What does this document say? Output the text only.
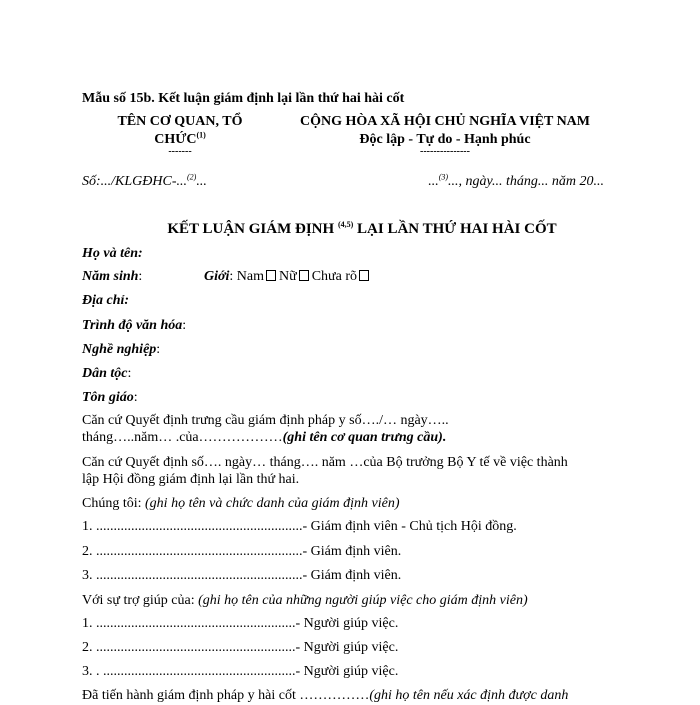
Mẫu số 15b. Kết luận giám định lại lần thứ hai hài cốt
TÊN CƠ QUAN, TỔ
CHỨC$^{(1)}$
-------
CỘNG HÒA XÃ HỘI CHỦ NGHĨA VIỆT NAM
Độc lập - Tự do - Hạnh phúc
---------------
Số:.../KLGĐHC-...$^{(2)}$...	...$^{(3)}$..., ngày... tháng... năm 20...
KẾT LUẬN GIÁM ĐỊNH $^{(4,5)}$ LẠI LẦN THỨ HAI HÀI CỐT
Họ và tên:
Năm sinh:	Giới: Nam Nữ Chưa rõ
Địa chỉ:
Trình độ văn hóa:
Nghề nghiệp:
Dân tộc:
Tôn giáo:
Căn cứ Quyết định trưng cầu giám định pháp y số…./… ngày…..
tháng…..năm… .của………………(ghi tên cơ quan trưng cầu).
Căn cứ Quyết định số…. ngày… tháng…. năm …của Bộ trưởng Bộ Y tế về việc thành
lập Hội đồng giám định lại lần thứ hai.
Chúng tôi: (ghi họ tên và chức danh của giám định viên)
1. ...........................................................- Giám định viên - Chủ tịch Hội đồng.
2. ...........................................................- Giám định viên.
3. ...........................................................- Giám định viên.
Với sự trợ giúp của: (ghi họ tên của những người giúp việc cho giám định viên)
1. .........................................................- Người giúp việc.
2. .........................................................- Người giúp việc.
3. . .......................................................- Người giúp việc.
Đã tiến hành giám định pháp y hài cốt ……………(ghi họ tên nếu xác định được danh
